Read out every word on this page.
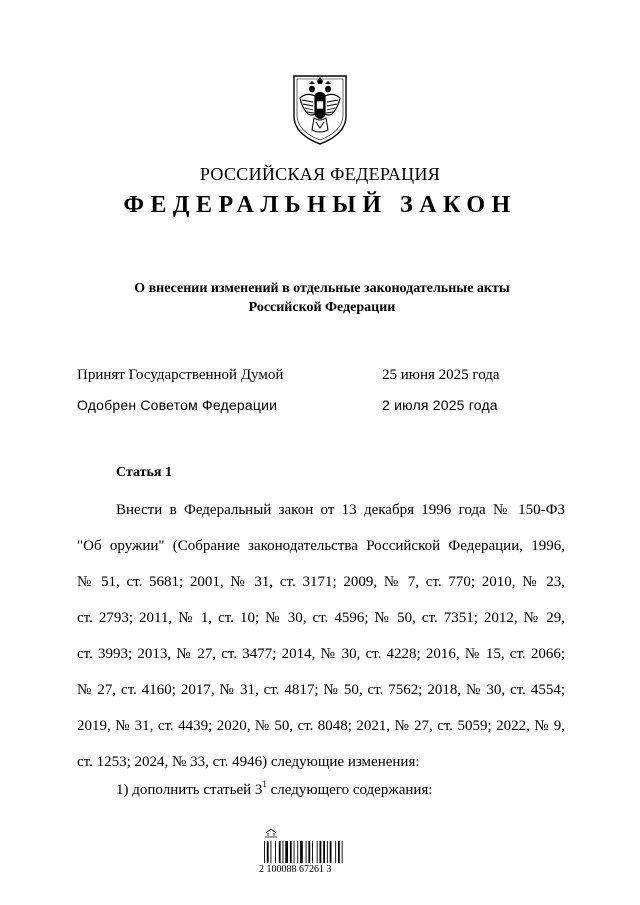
РОССИЙСКАЯ ФЕДЕРАЦИЯ
ФЕДЕРАЛЬНЫЙ ЗАКОН
О внесении изменений в отдельные законодательные акты
Российской Федерации
Принят Государственной Думой	25 июня 2025 года
Одобрен Советом Федерации	2 июля 2025 года
Статья 1
Внести в Федеральный закон от 13 декабря 1996 года № 150-ФЗ
"Об оружии" (Собрание законодательства Российской Федерации, 1996,
№ 51, ст. 5681; 2001, № 31, ст. 3171; 2009, № 7, ст. 770; 2010, № 23,
ст. 2793; 2011, № 1, ст. 10; № 30, ст. 4596; № 50, ст. 7351; 2012, № 29,
ст. 3993; 2013, № 27, ст. 3477; 2014, № 30, ст. 4228; 2016, № 15, ст. 2066;
№ 27, ст. 4160; 2017, № 31, ст. 4817; № 50, ст. 7562; 2018, № 30, ст. 4554;
2019, № 31, ст. 4439; 2020, № 50, ст. 8048; 2021, № 27, ст. 5059; 2022, № 9,
ст. 1253; 2024, № 33, ст. 4946) следующие изменения:
1) дополнить статьей $3^1$ следующего содержания:
2 100088 67261 3
